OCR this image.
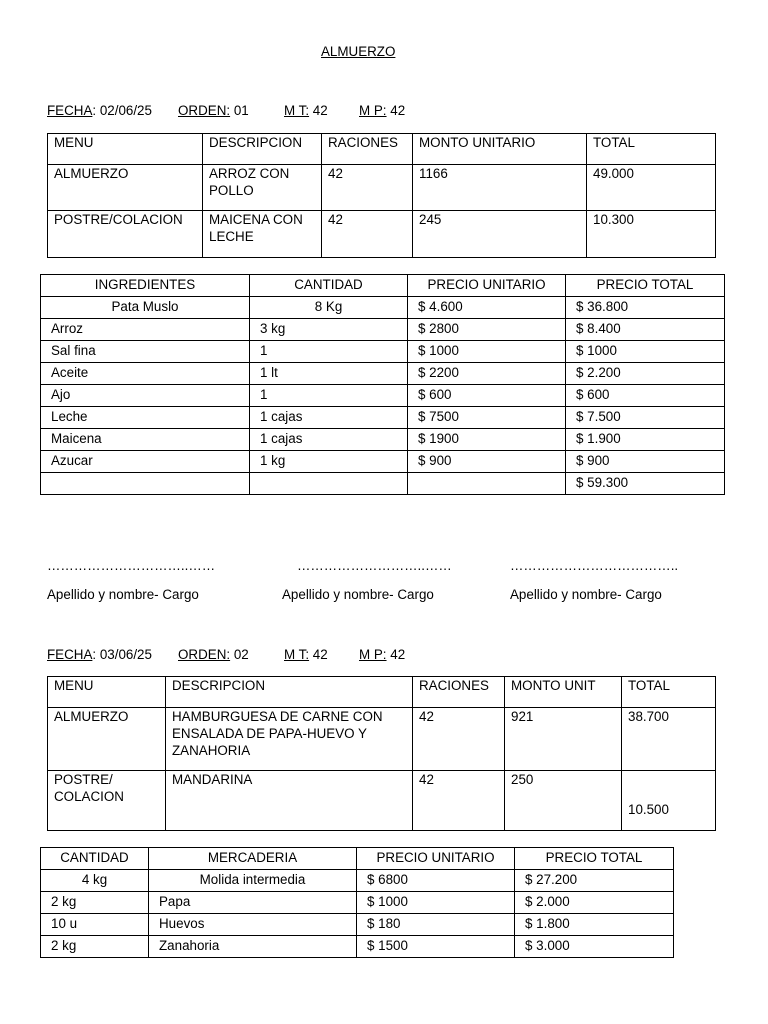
ALMUERZO
FECHA: 02/06/25 ORDEN: 01	M T: 42 M P: 42
MENU	DESCRIPCION	RACIONES	MONTO UNITARIO	TOTAL
ALMUERZO	ARROZ CON POLLO	42	1166	49.000
POSTRE/COLACION	MAICENA CON LECHE	42	245	10.300
INGREDIENTES	CANTIDAD	PRECIO UNITARIO	PRECIO TOTAL
Pata Muslo	8 Kg	$ 4.600	$ 36.800
Arroz	3 kg	$ 2800	$ 8.400
Sal fina	1	$ 1000	$ 1000
Aceite	1 lt	$ 2200	$ 2.200
Ajo	1	$ 600	$ 600
Leche	1 cajas	$ 7500	$ 7.500
Maicena	1 cajas	$ 1900	$ 1.900
Azucar	1 kg	$ 900	$ 900
			$ 59.300
…………………………..……	………………………..……	………………………………..
Apellido y nombre- Cargo	Apellido y nombre- Cargo	Apellido y nombre- Cargo
FECHA: 03/06/25 ORDEN: 02	M T: 42 M P: 42
MENU	DESCRIPCION	RACIONES	MONTO UNIT	TOTAL
ALMUERZO	HAMBURGUESA DE CARNE CON ENSALADA DE PAPA-HUEVO Y ZANAHORIA	42	921	38.700
POSTRE/ COLACION	MANDARINA	42	250	10.500
CANTIDAD	MERCADERIA	PRECIO UNITARIO	PRECIO TOTAL
4 kg	Molida intermedia	$ 6800	$ 27.200
2 kg	Papa	$ 1000	$ 2.000
10 u	Huevos	$ 180	$ 1.800
2 kg	Zanahoria	$ 1500	$ 3.000
